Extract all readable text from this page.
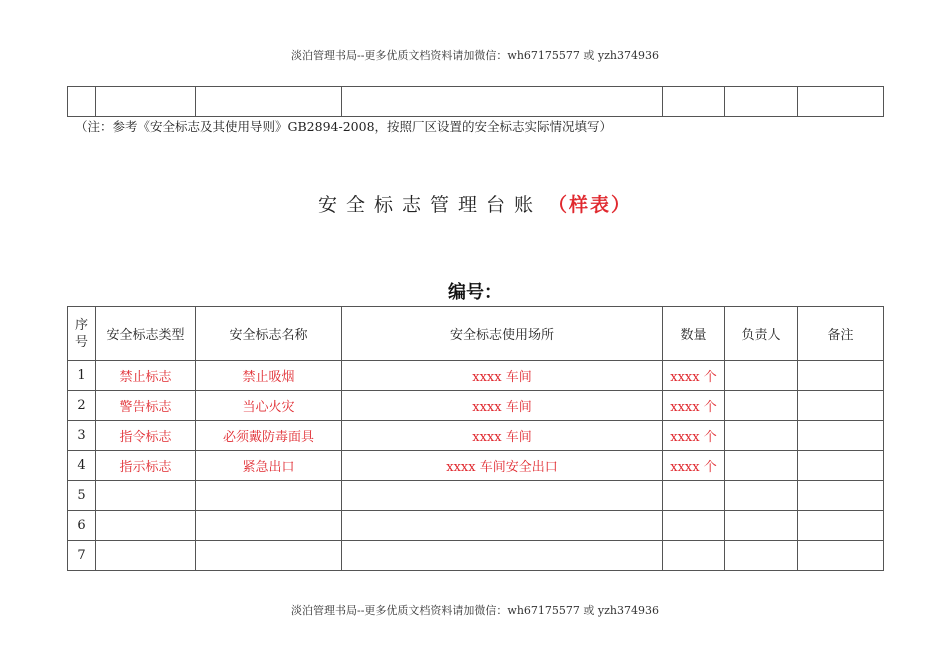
淡泊管理书局--更多优质文档资料请加微信：wh67175577 或 yzh374936

（注：参考《安全标志及其使用导则》GB2894-2008，按照厂区设置的安全标志实际情况填写）
安全标志管理台账 （样表）
编号：
序
号	安全标志类型	安全标志名称	安全标志使用场所	数量	负责人	备注
1	禁止标志	禁止吸烟	xxxx 车间	xxxx 个		
2	警告标志	当心火灾	xxxx 车间	xxxx 个		
3	指令标志	必须戴防毒面具	xxxx 车间	xxxx 个		
4	指示标志	紧急出口	xxxx 车间安全出口	xxxx 个		
5						
6						
7						
淡泊管理书局--更多优质文档资料请加微信：wh67175577 或 yzh374936
